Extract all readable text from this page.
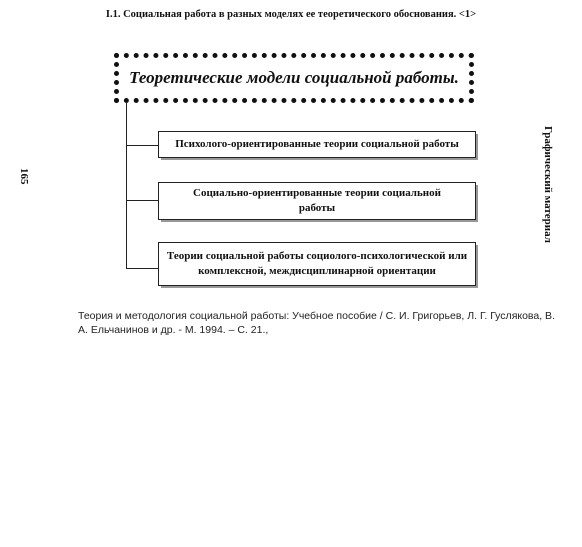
I.1. Социальная работа в разных моделях ее теоретического обоснования. <1>
Теоретические модели социальной работы.
Психолого-ориентированные теории социальной работы
Социально-ориентированные теории социальной работы
Теории социальной работы социолого-психологической или комплексной, междисциплинарной ориентации
165	Графический материал
Теория и методология социальной работы: Учебное пособие / С. И. Григорьев, Л. Г. Гуслякова, В. А. Ельчанинов и др. - М. 1994. – С. 21.,
